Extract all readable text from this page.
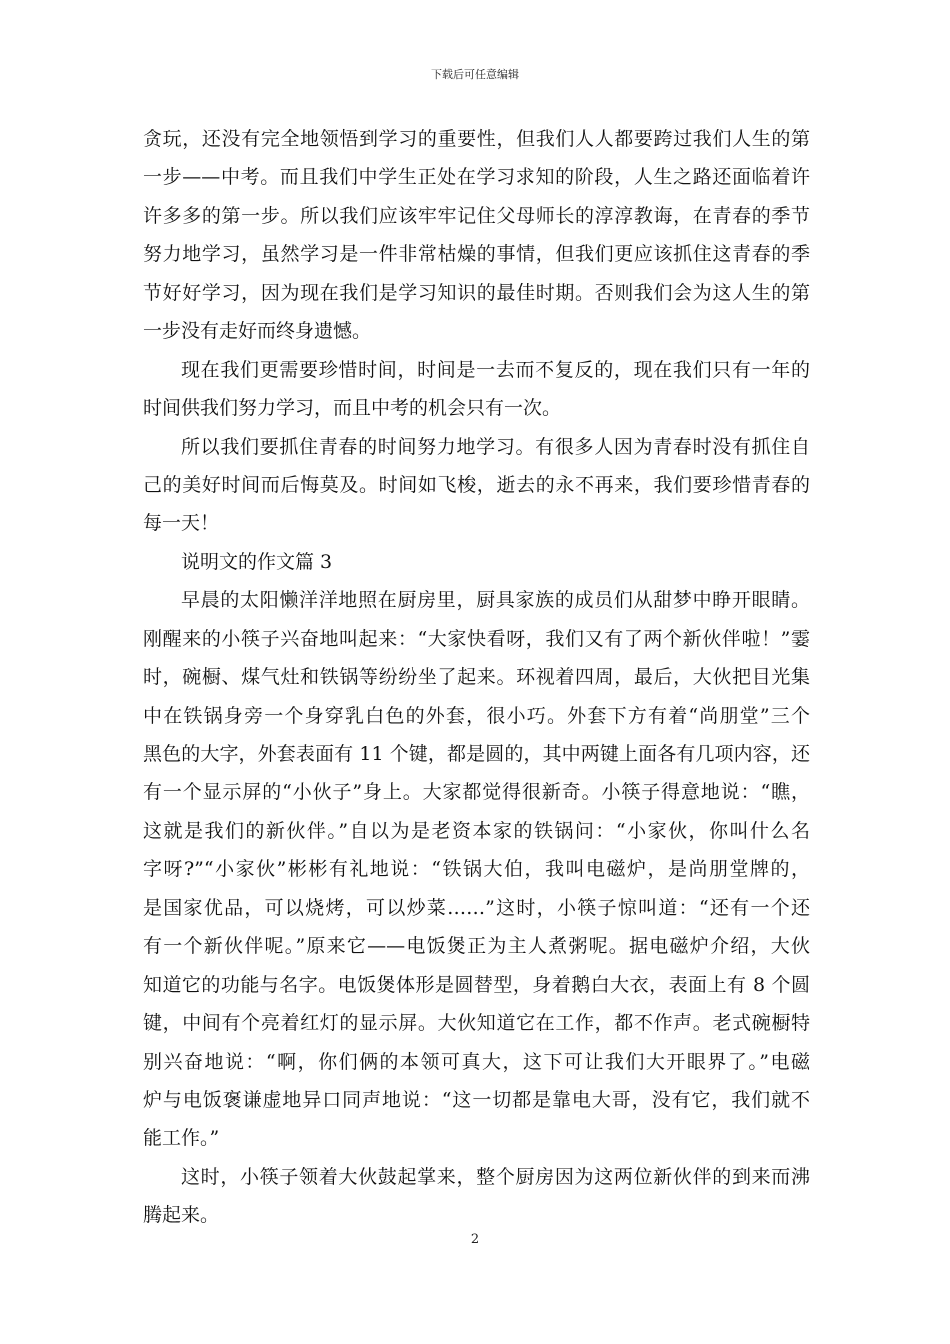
下载后可任意编辑
贪玩，还没有完全地领悟到学习的重要性，但我们人人都要跨过我们人生的第
一步——中考。而且我们中学生正处在学习求知的阶段，人生之路还面临着许
许多多的第一步。所以我们应该牢牢记住父母师长的淳淳教诲，在青春的季节
努力地学习，虽然学习是一件非常枯燥的事情，但我们更应该抓住这青春的季
节好好学习，因为现在我们是学习知识的最佳时期。否则我们会为这人生的第
一步没有走好而终身遗憾。
现在我们更需要珍惜时间，时间是一去而不复反的，现在我们只有一年的
时间供我们努力学习，而且中考的机会只有一次。
所以我们要抓住青春的时间努力地学习。有很多人因为青春时没有抓住自
己的美好时间而后悔莫及。时间如飞梭，逝去的永不再来，我们要珍惜青春的
每一天！
说明文的作文篇 3
早晨的太阳懒洋洋地照在厨房里，厨具家族的成员们从甜梦中睁开眼睛。
刚醒来的小筷子兴奋地叫起来：“大家快看呀，我们又有了两个新伙伴啦！”霎
时，碗橱、煤气灶和铁锅等纷纷坐了起来。环视着四周，最后，大伙把目光集
中在铁锅身旁一个身穿乳白色的外套，很小巧。外套下方有着“尚朋堂”三个
黑色的大字，外套表面有 11 个键，都是圆的，其中两键上面各有几项内容，还
有一个显示屏的“小伙子”身上。大家都觉得很新奇。小筷子得意地说：“瞧，
这就是我们的新伙伴。”自以为是老资本家的铁锅问：“小家伙，你叫什么名
字呀?”“小家伙”彬彬有礼地说：“铁锅大伯，我叫电磁炉，是尚朋堂牌的，
是国家优品，可以烧烤，可以炒菜……”这时，小筷子惊叫道：“还有一个还
有一个新伙伴呢。”原来它——电饭煲正为主人煮粥呢。据电磁炉介绍，大伙
知道它的功能与名字。电饭煲体形是圆替型，身着鹅白大衣，表面上有 8 个圆
键，中间有个亮着红灯的显示屏。大伙知道它在工作，都不作声。老式碗橱特
别兴奋地说：“啊，你们俩的本领可真大，这下可让我们大开眼界了。”电磁
炉与电饭褒谦虚地异口同声地说：“这一切都是靠电大哥，没有它，我们就不
能工作。”
这时，小筷子领着大伙鼓起掌来，整个厨房因为这两位新伙伴的到来而沸
腾起来。
2
